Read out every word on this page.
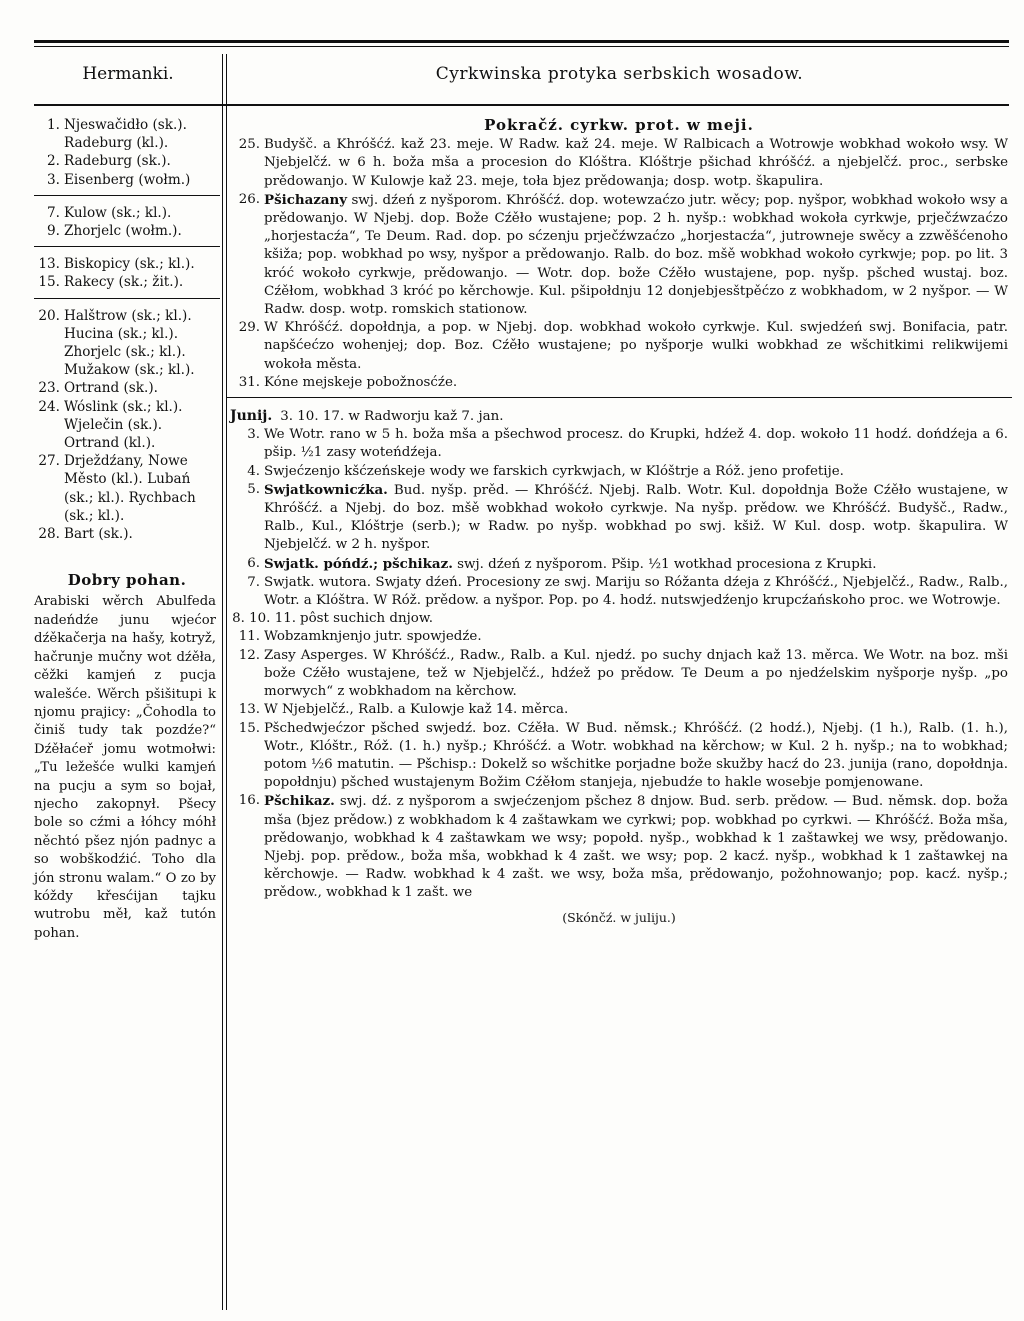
Hermanki.	Cyrkwinska protyka serbskich wosadow.

1. Njeswačidło (sk.).

Radeburg (kl.).

2. Radeburg (sk.).

3. Eisenberg (wołm.)

7. Kulow (sk.; kl.).

9. Zhorjelc (wołm.).

13. Biskopicy (sk.; kl.).

15. Rakecy (sk.; žit.).

20. Halštrow (sk.; kl.). Hucina (sk.; kl.). Zhorjelc (sk.; kl.). Mužakow (sk.; kl.).

23. Ortrand (sk.).

24. Wóslink (sk.; kl.). Wjelečin (sk.). Ortrand (kl.).

27. Drježdźany, Nowe Město (kl.). Lubań (sk.; kl.). Rychbach (sk.; kl.).

28. Bart (sk.).

Dobry pohan.
Arabiski wěrch Abulfeda nadeńdźe junu wjećor dźěkačerja na hašy, kotryž, hačrunje mučny wot dźěła, cěžki kamjeń z pucja walešće. Wěrch pšišitupi k njomu prajicy: „Čohodla to činiš tudy tak pozdźe?“ Dźěłaćeř jomu wotmołwi: „Tu ležešće wulki kamjeń na pucju a sym so bojał, njecho zakopnył. Pšecy bole so cźmi a łóhcy móhł něchtó pšez njón padnyc a so wobškodźić. Toho dla jón stronu walam.“ O zo by kóždy křesćijan tajku wutrobu měł, kaž tutón pohan.
Pokračź. cyrkw. prot. w meji.

25. Budyšč. a Khróšćź. kaž 23. meje. W Radw. kaž 24. meje. W Ralbicach a Wotrowje wobkhad wokoło wsy. W Njebjelčź. w 6 h. boža mša a procesion do Klóštra. Klóštrje pšichad khróšćź. a njebjelčź. proc., serbske prědowanjo. W Kulowje kaž 23. meje, toła bjez prědowanja; dosp. wotp. škapulira.

26. Pšichazany swj. dźeń z nyšporom. Khróšćź. dop. wotewzaćzo jutr. wěcy; pop. nyšpor, wobkhad wokoło wsy a prědowanjo. W Njebj. dop. Bože Cźěło wustajene; pop. 2 h. nyšp.: wobkhad wokoła cyrkwje, prječźwzaćzo „horjestacźa“, Te Deum. Rad. dop. po sćzenju prječźwzaćzo „horjestacźa“, jutrowneje swěcy a zzwěšćenoho kšiža; pop. wobkhad po wsy, nyšpor a prědowanjo. Ralb. do boz. mšě wobkhad wokoło cyrkwje; pop. po lit. 3 króć wokoło cyrkwje, prědowanjo. — Wotr. dop. bože Cźěło wustajene, pop. nyšp. pšched wustaj. boz. Cźěłom, wobkhad 3 króć po kěrchowje. Kul. pšipołdnju 12 donjebjesštpěćzo z wobkhadom, w 2 nyšpor. — W Radw. dosp. wotp. romskich stationow.

29. W Khróšćź. dopołdnja, a pop. w Njebj. dop. wobkhad wokoło cyrkwje. Kul. swjedźeń swj. Bonifacia, patr. napšćećzo wohenjej; dop. Boz. Cźěło wustajene; po nyšporje wulki wobkhad ze wšchitkimi relikwijemi wokoła města.

31. Kóne mejskeje pobožnosćźe.

Junij. 3. 10. 17. w Radworju kaž 7. jan.

3. We Wotr. rano w 5 h. boža mša a pšechwod procesz. do Krupki, hdźež 4. dop. wokoło 11 hodź. dońdźeja a 6. pšip. ½1 zasy woteńdźeja.

4. Swjećzenjo kšćzeńskeje wody we farskich cyrkwjach, w Klóštrje a Róž. jeno profetije.

5. Swjatkownicźka. Bud. nyšp. prěd. — Khróšćź. Njebj. Ralb. Wotr. Kul. dopołdnja Bože Cźěło wustajene, w Khróšćź. a Njebj. do boz. mšě wobkhad wokoło cyrkwje. Na nyšp. prědow. we Khróšćź. Budyšč., Radw., Ralb., Kul., Klóštrje (serb.); w Radw. po nyšp. wobkhad po swj. kšiž. W Kul. dosp. wotp. škapulira. W Njebjelčź. w 2 h. nyšpor.

6. Swjatk. póńdź.; pšchikaz. swj. dźeń z nyšporom. Pšip. ½1 wotkhad procesiona z Krupki.

7. Swjatk. wutora. Swjaty dźeń. Procesiony ze swj. Mariju so Róžanta dźeja z Khróšćź., Njebjelčź., Radw., Ralb., Wotr. a Klóštra. W Róž. prědow. a nyšpor. Pop. po 4. hodź. nutswjedźenjo krupcźańskoho proc. we Wotrowje.

8. 10. 11. pôst suchich dnjow.

11. Wobzamknjenjo jutr. spowjedźe.

12. Zasy Asperges. W Khróšćź., Radw., Ralb. a Kul. njedź. po suchy dnjach kaž 13. měrca. We Wotr. na boz. mši bože Cźěło wustajene, tež w Njebjelčź., hdźež po prědow. Te Deum a po njedźelskim nyšporje nyšp. „po morwych“ z wobkhadom na kěrchow.

13. W Njebjelčź., Ralb. a Kulowje kaž 14. měrca.

15. Pšchedwjećzor pšched swjedź. boz. Cźěła. W Bud. němsk.; Khróšćź. (2 hodź.), Njebj. (1 h.), Ralb. (1. h.), Wotr., Klóštr., Róž. (1. h.) nyšp.; Khróšćź. a Wotr. wobkhad na kěrchow; w Kul. 2 h. nyšp.; na to wobkhad; potom ½6 matutin. — Pšchisp.: Dokelž so wšchitke porjadne bože skužby hacź do 23. junija (rano, dopołdnja. popołdnju) pšched wustajenym Božim Cźěłom stanjeja, njebudźe to hakle wosebje pomjenowane.

16. Pšchikaz. swj. dź. z nyšporom a swjećzenjom pšchez 8 dnjow. Bud. serb. prědow. — Bud. němsk. dop. boža mša (bjez prědow.) z wobkhadom k 4 zaštawkam we cyrkwi; pop. wobkhad po cyrkwi. — Khróšćź. Boža mša, prědowanjo, wobkhad k 4 zaštawkam we wsy; popołd. nyšp., wobkhad k 1 zaštawkej we wsy, prědowanjo. Njebj. pop. prědow., boža mša, wobkhad k 4 zašt. we wsy; pop. 2 kacź. nyšp., wobkhad k 1 zaštawkej na kěrchowje. — Radw. wobkhad k 4 zašt. we wsy, boža mša, prědowanjo, požohnowanjo; pop. kacź. nyšp.; prědow., wobkhad k 1 zašt. we

(Skónčź. w juliju.)
